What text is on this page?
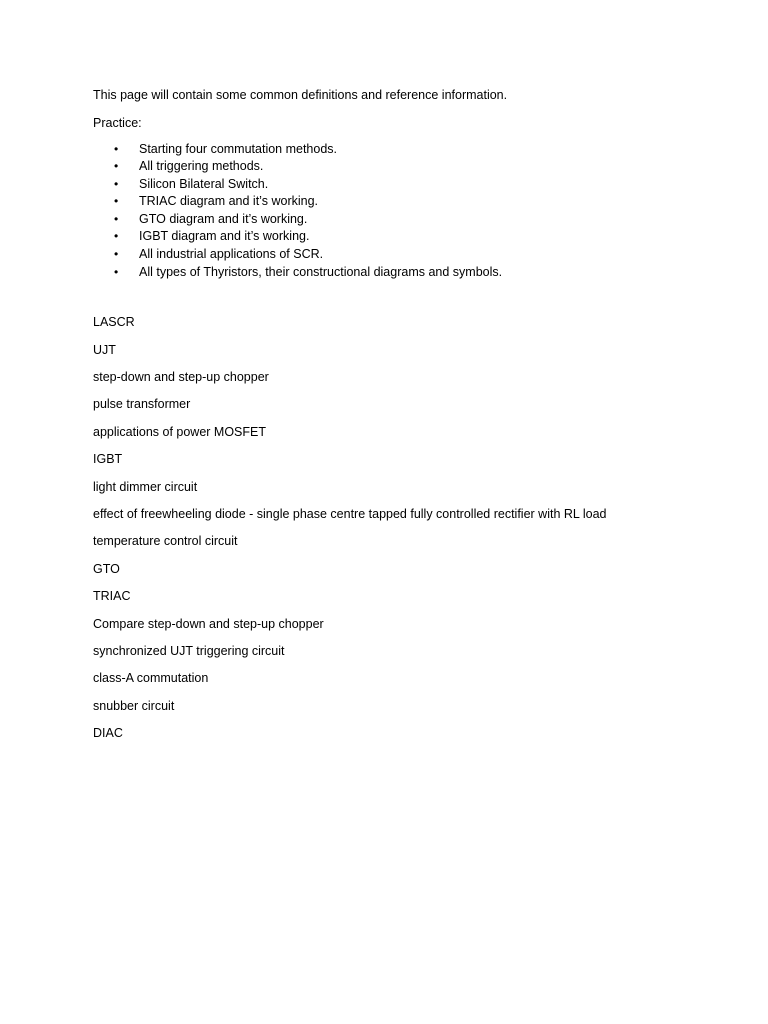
This page will contain some common definitions and reference information.

Practice:

• Starting four commutation methods.
• All triggering methods.
• Silicon Bilateral Switch.
• TRIAC diagram and it’s working.
• GTO diagram and it’s working.
• IGBT diagram and it’s working.
• All industrial applications of SCR.
• All types of Thyristors, their constructional diagrams and symbols.

LASCR

UJT

step-down and step-up chopper

pulse transformer

applications of power MOSFET

IGBT

light dimmer circuit

effect of freewheeling diode - single phase centre tapped fully controlled rectifier with RL load

temperature control circuit

GTO

TRIAC

Compare step-down and step-up chopper

synchronized UJT triggering circuit

class-A commutation

snubber circuit

DIAC
